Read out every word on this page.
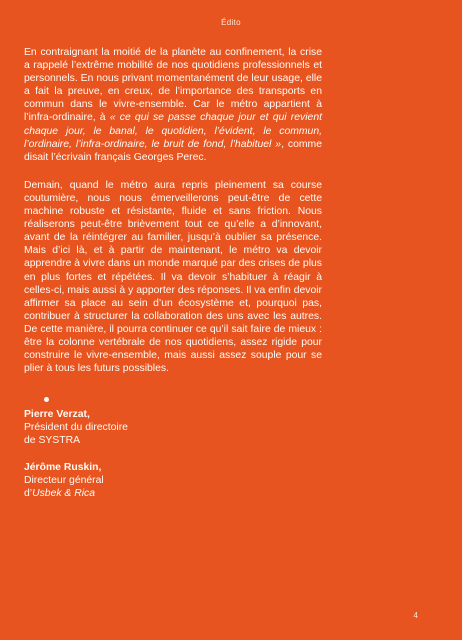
Édito

En contraignant la moitié de la planète au confinement, la crise a rappelé l’extrême mobilité de nos quotidiens professionnels et personnels. En nous privant momentanément de leur usage, elle a fait la preuve, en creux, de l’importance des transports en commun dans le vivre-ensemble. Car le métro appartient à l’infra-ordinaire, à « ce qui se passe chaque jour et qui revient chaque jour, le banal, le quotidien, l’évident, le commun, l’ordinaire, l’infra-ordinaire, le bruit de fond, l’habituel », comme disait l’écrivain français Georges Perec.

Demain, quand le métro aura repris pleinement sa course coutumière, nous nous émerveillerons peut-être de cette machine robuste et résistante, fluide et sans friction. Nous réaliserons peut-être brièvement tout ce qu’elle a d’innovant, avant de la réintégrer au familier, jusqu’à oublier sa présence. Mais d’ici là, et à partir de maintenant, le métro va devoir apprendre à vivre dans un monde marqué par des crises de plus en plus fortes et répétées. Il va devoir s’habituer à réagir à celles-ci, mais aussi à y apporter des réponses. Il va enfin devoir affirmer sa place au sein d’un écosystème et, pourquoi pas, contribuer à structurer la collaboration des uns avec les autres. De cette manière, il pourra continuer ce qu’il sait faire de mieux : être la colonne vertébrale de nos quotidiens, assez rigide pour construire le vivre-ensemble, mais aussi assez souple pour se plier à tous les futurs possibles.

Pierre Verzat,
Président du directoire
de SYSTRA
Jérôme Ruskin,
Directeur général
d’Usbek & Rica
4
